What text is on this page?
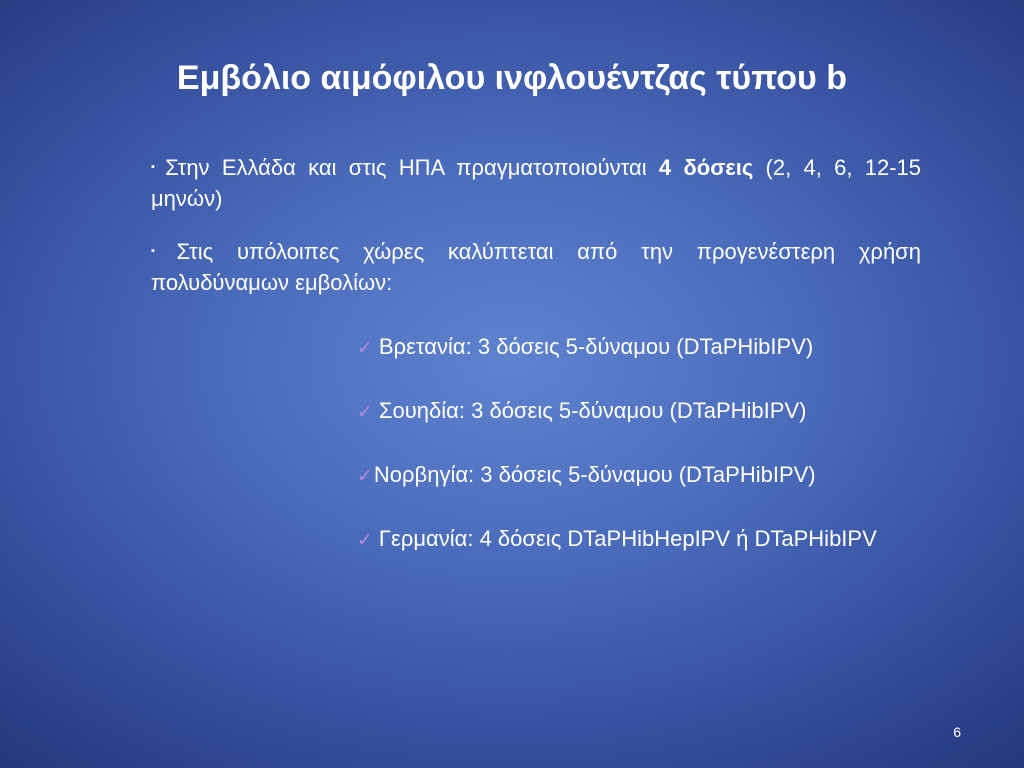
Εμβόλιο αιμόφιλου ινφλουέντζας τύπου b
▪ Στην Ελλάδα και στις ΗΠΑ πραγματοποιούνται 4 δόσεις (2, 4, 6, 12-15 μηνών)
▪ Στις υπόλοιπες χώρες καλύπτεται από την προγενέστερη χρήση πολυδύναμων εμβολίων:
✓ Βρετανία: 3 δόσεις 5-δύναμου (DTaPHibIPV)
✓ Σουηδία: 3 δόσεις 5-δύναμου (DTaPHibIPV)
✓Νορβηγία: 3 δόσεις 5-δύναμου (DTaPHibIPV)
✓ Γερμανία: 4 δόσεις DTaPHibHepIPV ή DTaPHibIPV
6
